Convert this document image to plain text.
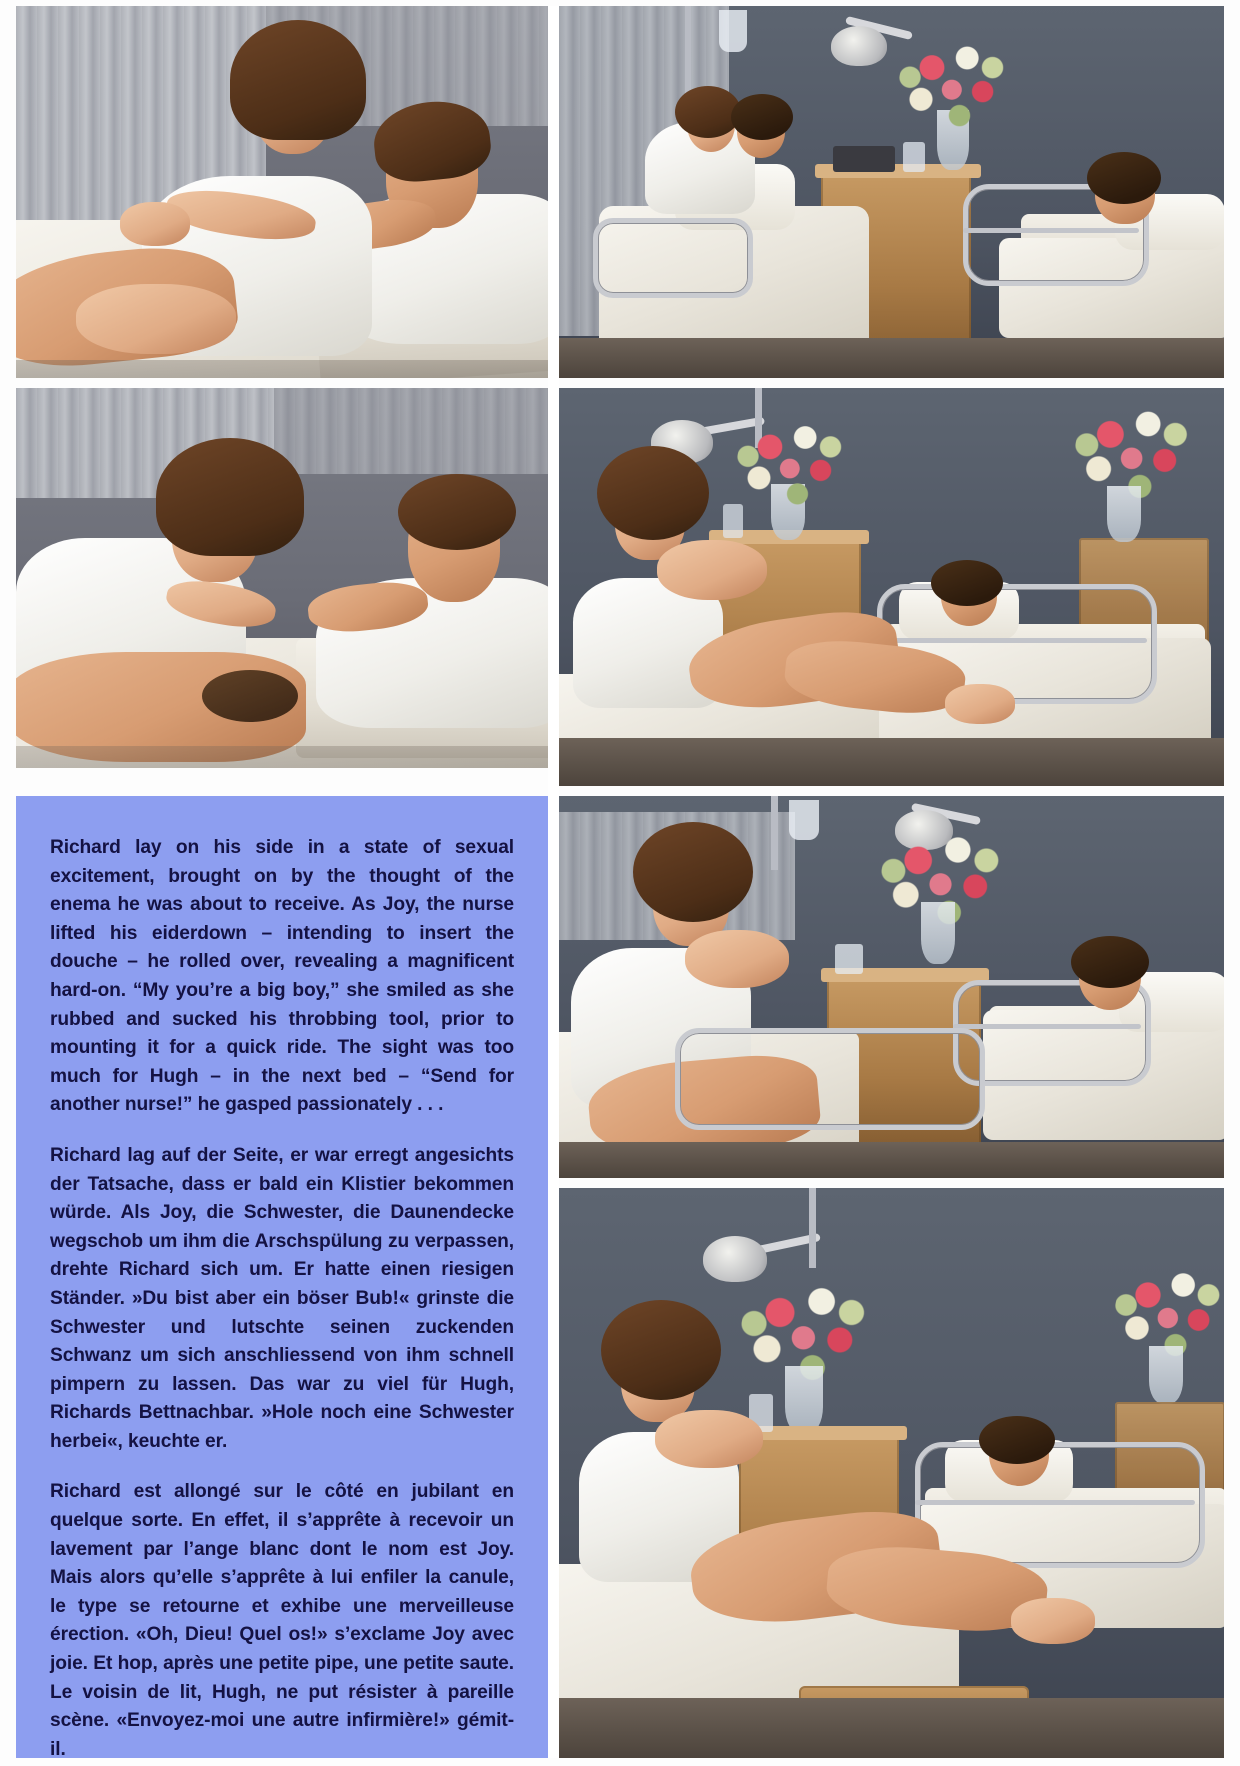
Richard lay on his side in a state of sexual excitement, brought on by the thought of the enema he was about to receive. As Joy, the nurse lifted his eiderdown – intending to insert the douche – he rolled over, revealing a magnificent hard-on. “My you’re a big boy,” she smiled as she rubbed and sucked his throbbing tool, prior to mounting it for a quick ride. The sight was too much for Hugh – in the next bed – “Send for another nurse!” he gasped passionately . . .

Richard lag auf der Seite, er war erregt angesichts der Tatsache, dass er bald ein Klistier bekommen würde. Als Joy, die Schwester, die Daunendecke wegschob um ihm die Arschspülung zu verpassen, drehte Richard sich um. Er hatte einen riesigen Ständer. »Du bist aber ein böser Bub!« grinste die Schwester und lutschte seinen zuckenden Schwanz um sich anschliessend von ihm schnell pimpern zu lassen. Das war zu viel für Hugh, Richards Bettnachbar. »Hole noch eine Schwester herbei«, keuchte er.

Richard est allongé sur le côté en jubilant en quelque sorte. En effet, il s’apprête à recevoir un lavement par l’ange blanc dont le nom est Joy. Mais alors qu’elle s’apprête à lui enfiler la canule, le type se retourne et exhibe une merveilleuse érection. «Oh, Dieu! Quel os!» s’exclame Joy avec joie. Et hop, après une petite pipe, une petite saute. Le voisin de lit, Hugh, ne put résister à pareille scène. «Envoyez-moi une autre infirmière!» gémit-il.
